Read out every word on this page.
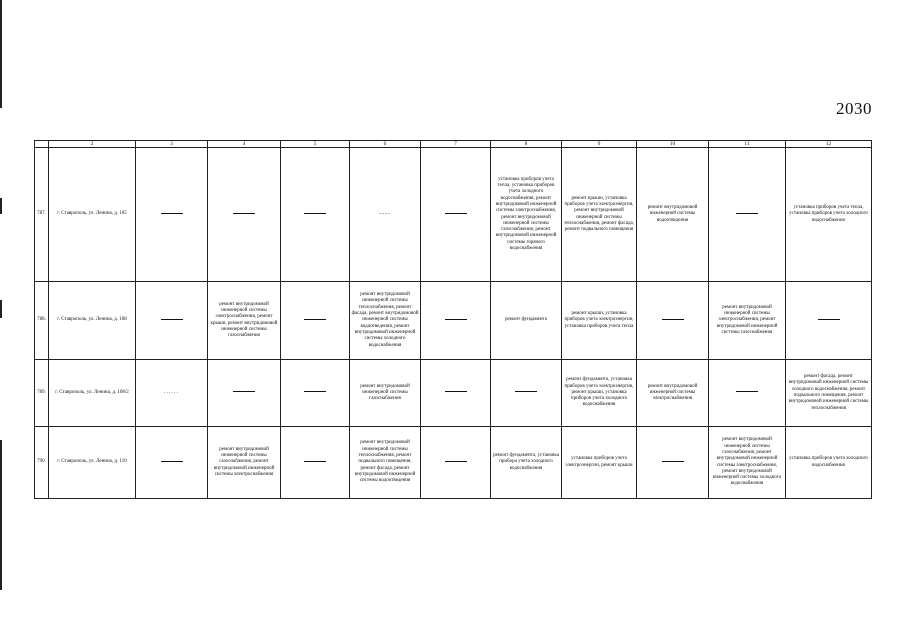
2030
	2	3	4	5	6	7	8	9	10	11	12
787.	г. Ставрополь, ул. Ленина, д. 105				----		установка приборов учета тепла, установка приборов учета холодного водоснабжения, ремонт внутридомовой инженерной системы электроснабжения, ремонт внутридомовой инженерной системы газоснабжения, ремонт внутридомовой инженерной системы горячего водоснабжения	ремонт крыши, установка приборов учета электроэнергии, ремонт внутридомовой инженерной системы теплоснабжения, ремонт фасада, ремонт подвального помещения	ремонт внутридомовой инженерной системы водоотведения		установка приборов учета тепла, установка приборов учета холодного водоснабжения
788.	г. Ставрополь, ул. Ленина, д. 108		ремонт внутридомовой инженерной системы электроснабжения, ремонт крыши, ремонт внутридомовой инженерной системы газоснабжения		ремонт внутридомовой инженерной системы теплоснабжения, ремонт фасада, ремонт внутридомовой инженерной системы водоотведения, ремонт внутридомовой инженерной системы холодного водоснабжения		ремонт фундамента	ремонт крыши, установка приборов учета электроэнергии, установка приборов учета тепла		ремонт внутридомовой инженерной системы электроснабжения, ремонт внутридомовой инженерной системы газоснабжения	
789.	г. Ставрополь, ул. Ленина, д. 108/2	......			ремонт внутридомовой инженерной системы газоснабжения			ремонт фундамента, установка приборов учета электроэнергии, ремонт крыши, установка приборов учета холодного водоснабжения	ремонт внутридомовой инженерной системы электроснабжения		ремонт фасада, ремонт внутридомовой инженерной системы холодного водоснабжения, ремонт подвального помещения, ремонт внутридомовой инженерной системы теплоснабжения
790.	г. Ставрополь, ул. Ленина, д. 110		ремонт внутридомовой инженерной системы газоснабжения, ремонт внутридомовой инженерной системы электроснабжения		ремонт внутридомовой инженерной системы теплоснабжения, ремонт подвального помещения, ремонт фасада, ремонт внутридомовой инженерной системы водоотведения		ремонт фундамента, установка прибора учета холодного водоснабжения	установка приборов учета электроэнергии, ремонт крыши		ремонт внутридомовой инженерной системы газоснабжения, ремонт внутридомовой инженерной системы электроснабжения, ремонт внутридомовой инженерной системы холодного водоснабжения	установка приборов учета холодного водоснабжения
